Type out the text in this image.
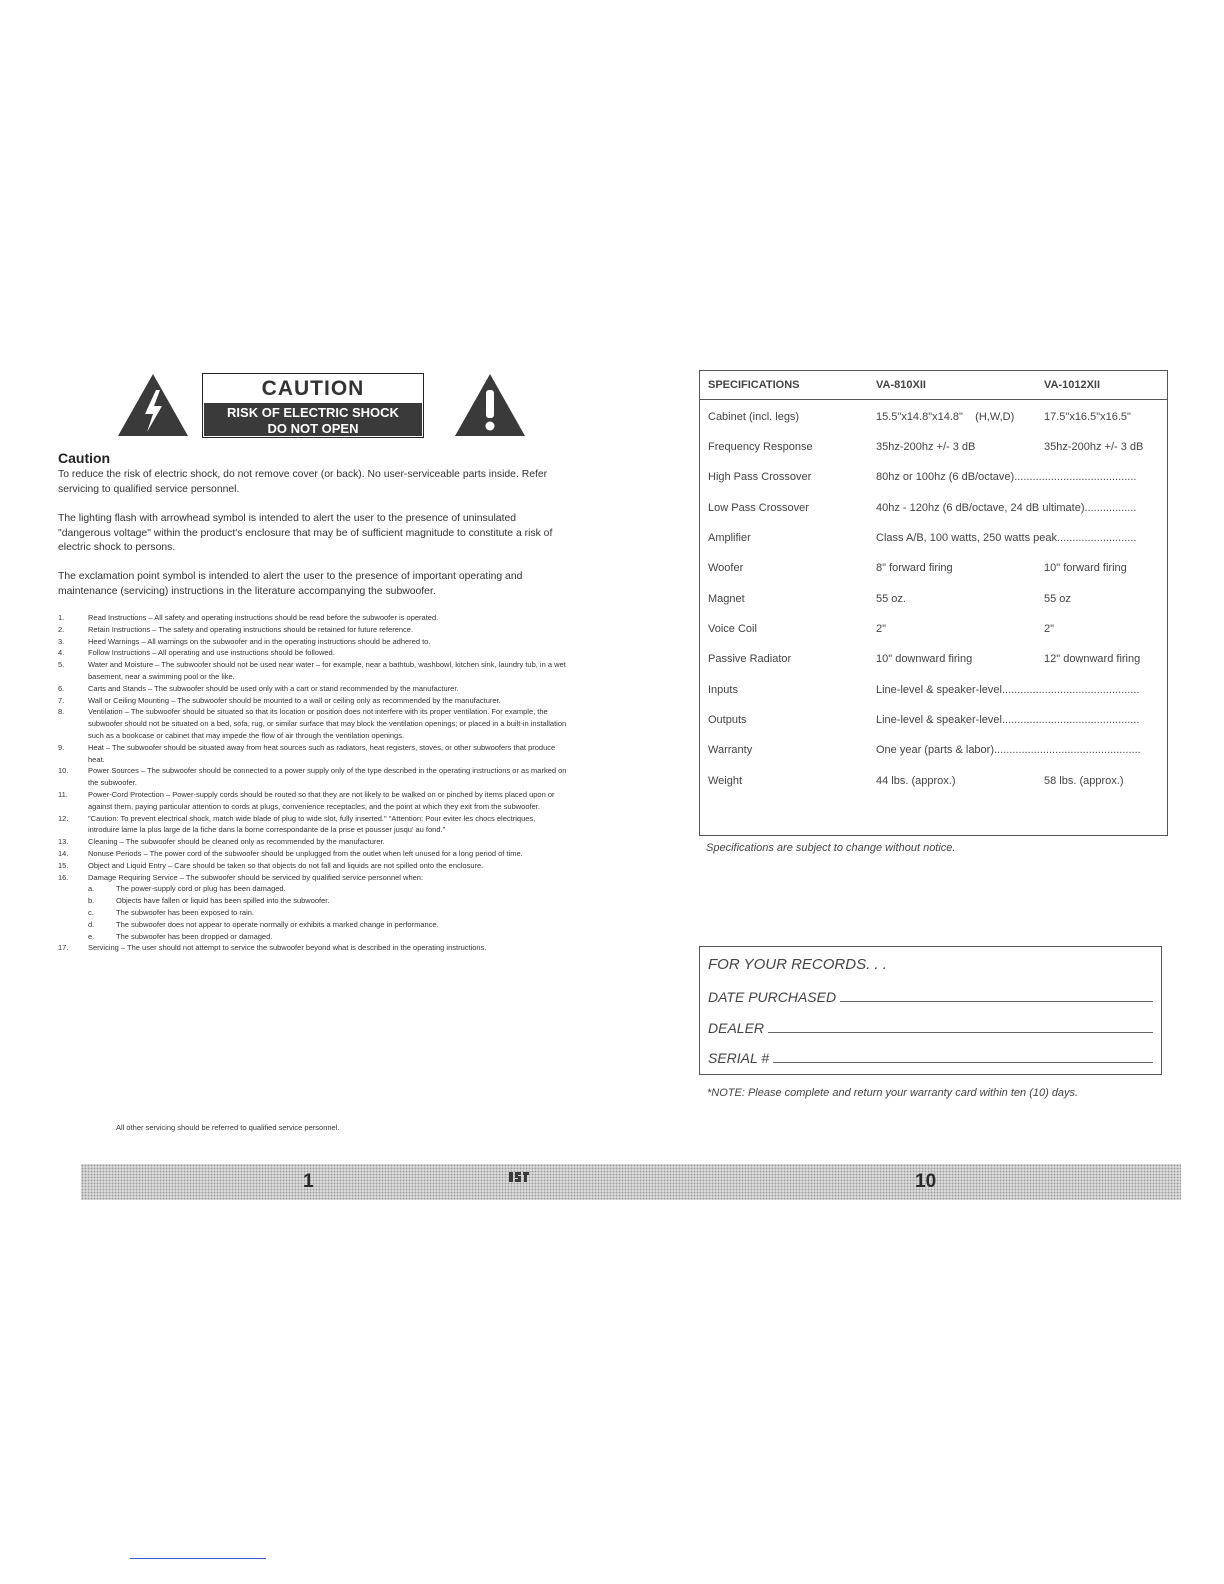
CAUTION
RISK OF ELECTRIC SHOCK
DO NOT OPEN
Caution
To reduce the risk of electric shock, do not remove cover (or back). No user-serviceable parts inside. Refer servicing to qualified service personnel.
The lighting flash with arrowhead symbol is intended to alert the user to the presence of uninsulated "dangerous voltage" within the product's enclosure that may be of sufficient magnitude to constitute a risk of electric shock to persons.
The exclamation point symbol is intended to alert the user to the presence of important operating and maintenance (servicing) instructions in the literature accompanying the subwoofer.
1.	Read Instructions – All safety and operating instructions should be read before the subwoofer is operated.
2.	Retain Instructions – The safety and operating instructions should be retained for future reference.
3.	Heed Warnings – All warnings on the subwoofer and in the operating instructions should be adhered to.
4.	Follow Instructions – All operating and use instructions should be followed.
5.	Water and Moisture – The subwoofer should not be used near water – for example, near a bathtub, washbowl, kitchen sink, laundry tub, in a wet basement, near a swimming pool or the like.
6.	Carts and Stands – The subwoofer should be used only with a cart or stand recommended by the manufacturer.
7.	Wall or Ceiling Mounting – The subwoofer should be mounted to a wall or ceiling only as recommended by the manufacturer.
8.	Ventilation – The subwoofer should be situated so that its location or position does not interfere with its proper ventilation. For example, the subwoofer should not be situated on a bed, sofa, rug, or similar surface that may block the ventilation openings; or placed in a built-in installation such as a bookcase or cabinet that may impede the flow of air through the ventilation openings.
9.	Heat – The subwoofer should be situated away from heat sources such as radiators, heat registers, stoves, or other subwoofers that produce heat.
10.	Power Sources – The subwoofer should be connected to a power supply only of the type described in the operating instructions or as marked on the subwoofer.
11.	Power-Cord Protection – Power-supply cords should be routed so that they are not likely to be walked on or pinched by items placed upon or against them, paying particular attention to cords at plugs, convenience receptacles, and the point at which they exit from the subwoofer.
12.	"Caution: To prevent electrical shock, match wide blade of plug to wide slot, fully inserted." "Attention: Pour eviter les chocs electriques, introduire lame la plus large de la fiche dans la borne correspondante de la prise et pousser jusqu' au fond."
13.	Cleaning – The subwoofer should be cleaned only as recommended by the manufacturer.
14.	Nonuse Periods – The power cord of the subwoofer should be unplugged from the outlet when left unused for a long period of time.
15.	Object and Liquid Entry – Care should be taken so that objects do not fall and liquids are not spilled onto the enclosure.
16.	Damage Requiring Service – The subwoofer should be serviced by qualified service personnel when:
a.	The power-supply cord or plug has been damaged.
b.	Objects have fallen or liquid has been spilled into the subwoofer.
c.	The subwoofer has been exposed to rain.
d.	The subwoofer does not appear to operate normally or exhibits a marked change in performance.
e.	The subwoofer has been dropped or damaged.
17.	Servicing – The user should not attempt to service the subwoofer beyond what is described in the operating instructions.
All other servicing should be referred to qualified service personnel.
SPECIFICATIONS	VA-810XII	VA-1012XII
Cabinet (incl. legs)	15.5"x14.8"x14.8"    (H,W,D)	17.5"x16.5"x16.5"
Frequency Response	35hz-200hz +/- 3 dB	35hz-200hz +/- 3 dB
High Pass Crossover	80hz or 100hz (6 dB/octave)........................................
Low Pass Crossover	40hz - 120hz (6 dB/octave, 24 dB ultimate).................
Amplifier	Class A/B, 100 watts, 250 watts peak..........................
Woofer	8" forward firing	10" forward firing
Magnet	55 oz.	55 oz
Voice Coil	2"	2"
Passive Radiator	10" downward firing	12" downward firing
Inputs	Line-level & speaker-level.............................................
Outputs	Line-level & speaker-level.............................................
Warranty	One year (parts & labor)................................................
Weight	44 lbs. (approx.)	58 lbs. (approx.)
Specifications are subject to change without notice.
FOR YOUR RECORDS. . .
DATE PURCHASED
DEALER
SERIAL #
*NOTE: Please complete and return your warranty card within ten (10) days.
1	10
